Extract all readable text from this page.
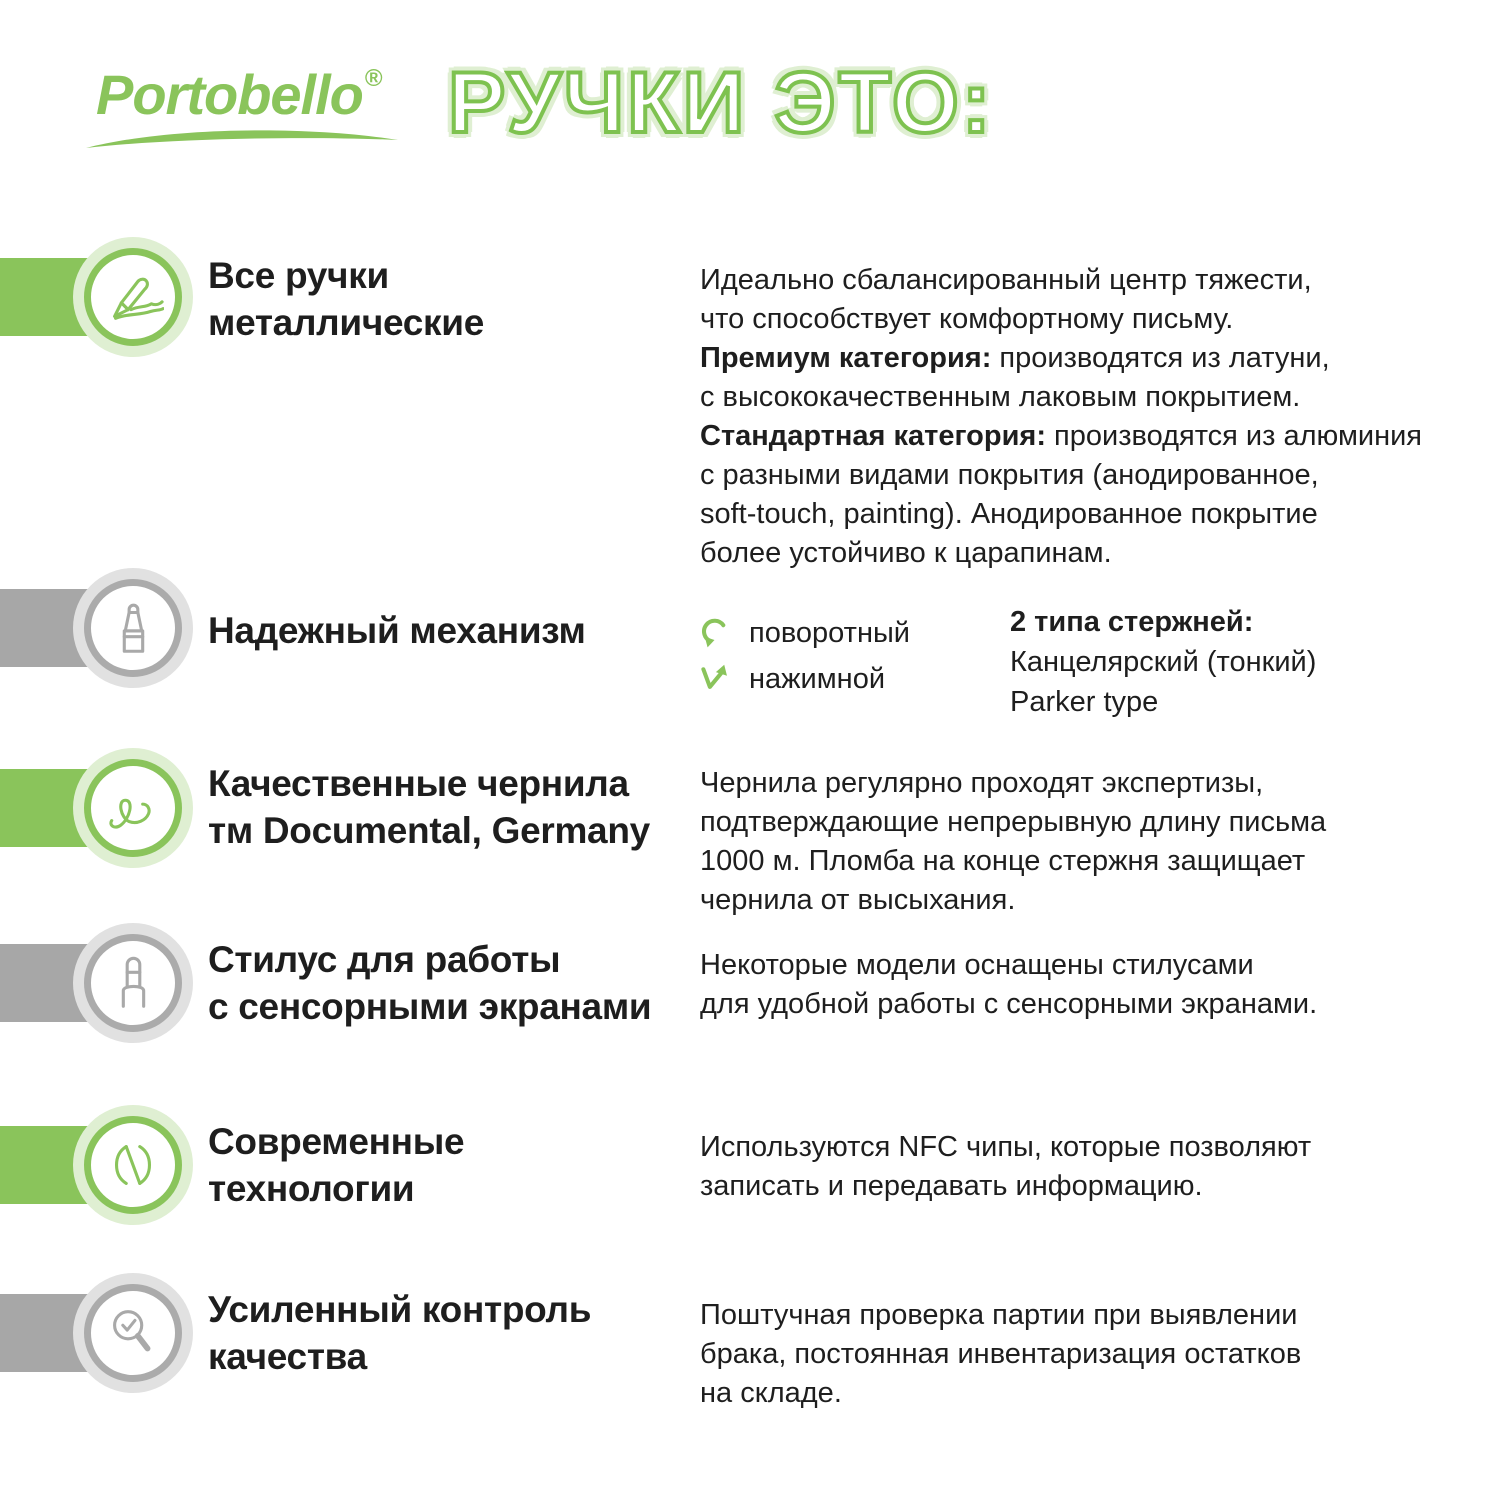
Portobello® РУЧКИ ЭТО:
Все ручки
металлические
Идеально сбалансированный центр тяжести,
что способствует комфортному письму.
Премиум категория: производятся из латуни,
с высококачественным лаковым покрытием.
Стандартная категория: производятся из алюминия
с разными видами покрытия (анодированное,
soft-touch, painting). Анодированное покрытие
более устойчиво к царапинам.
Надежный механизм	поворотный
нажимной
2 типа стержней:
Канцелярский (тонкий)
Parker type
Качественные чернила
тм Documental, Germany
Чернила регулярно проходят экспертизы,
подтверждающие непрерывную длину письма
1000 м. Пломба на конце стержня защищает
чернила от высыхания.
Стилус для работы
с сенсорными экранами
Некоторые модели оснащены стилусами
для удобной работы с сенсорными экранами.
Современные
технологии
Используются NFC чипы, которые позволяют
записать и передавать информацию.
Усиленный контроль
качества
Поштучная проверка партии при выявлении
брака, постоянная инвентаризация остатков
на складе.
